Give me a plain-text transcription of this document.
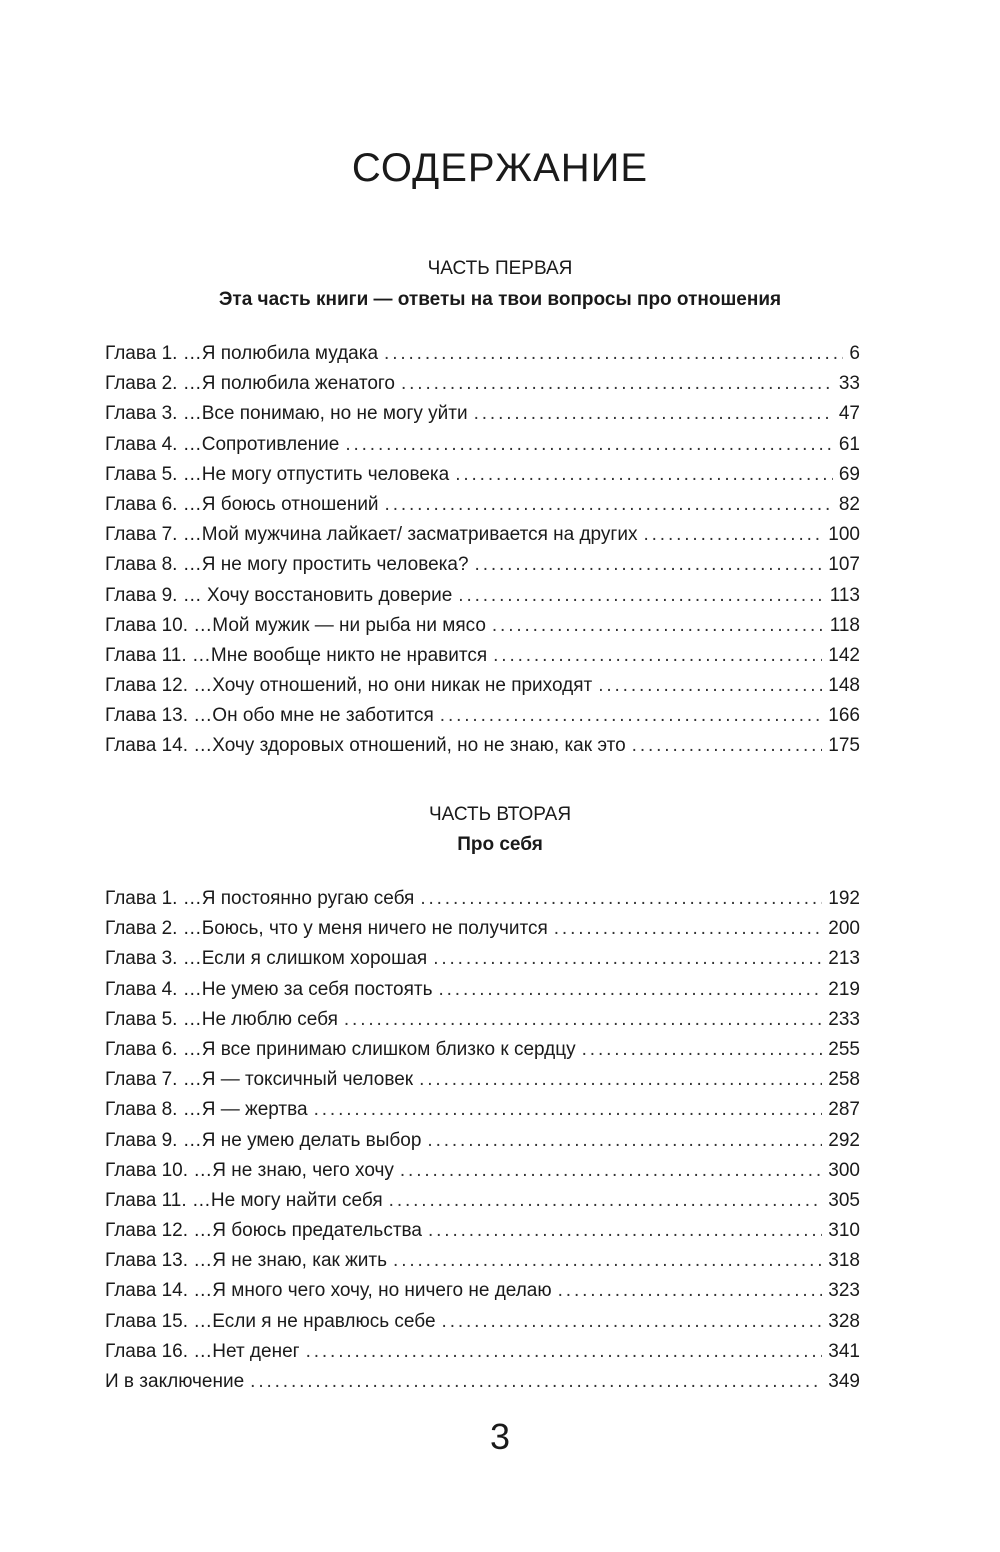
СОДЕРЖАНИЕ
ЧАСТЬ ПЕРВАЯ
Эта часть книги — ответы на твои вопросы про отношения
Глава 1. …Я полюбила мудака . . .	6
Глава 2. …Я полюбила женатого . . .	33
Глава 3. …Все понимаю, но не могу уйти . . .	47
Глава 4. …Сопротивление . . .	61
Глава 5. …Не могу отпустить человека . . .	69
Глава 6. …Я боюсь отношений . . .	82
Глава 7. …Мой мужчина лайкает/ засматривается на других . . .	100
Глава 8. …Я не могу простить человека? . . .	107
Глава 9. … Хочу восстановить доверие . . .	113
Глава 10. …Мой мужик — ни рыба ни мясо . . .	118
Глава 11. …Мне вообще никто не нравится . . .	142
Глава 12. …Хочу отношений, но они никак не приходят . . .	148
Глава 13. …Он обо мне не заботится . . .	166
Глава 14. …Хочу здоровых отношений, но не знаю, как это . . .	175
ЧАСТЬ ВТОРАЯ
Про себя
Глава 1. …Я постоянно ругаю себя . . .	192
Глава 2. …Боюсь, что у меня ничего не получится . . .	200
Глава 3. …Если я слишком хорошая . . .	213
Глава 4. …Не умею за себя постоять . . .	219
Глава 5. …Не люблю себя . . .	233
Глава 6. …Я все принимаю слишком близко к сердцу . . .	255
Глава 7. …Я — токсичный человек . . .	258
Глава 8. …Я — жертва . . .	287
Глава 9. …Я не умею делать выбор . . .	292
Глава 10. …Я не знаю, чего хочу . . .	300
Глава 11. …Не могу найти себя . . .	305
Глава 12. …Я боюсь предательства . . .	310
Глава 13. …Я не знаю, как жить . . .	318
Глава 14. …Я много чего хочу, но ничего не делаю . . .	323
Глава 15. …Если я не нравлюсь себе . . .	328
Глава 16. …Нет денег . . .	341
И в заключение . . .	349
3
